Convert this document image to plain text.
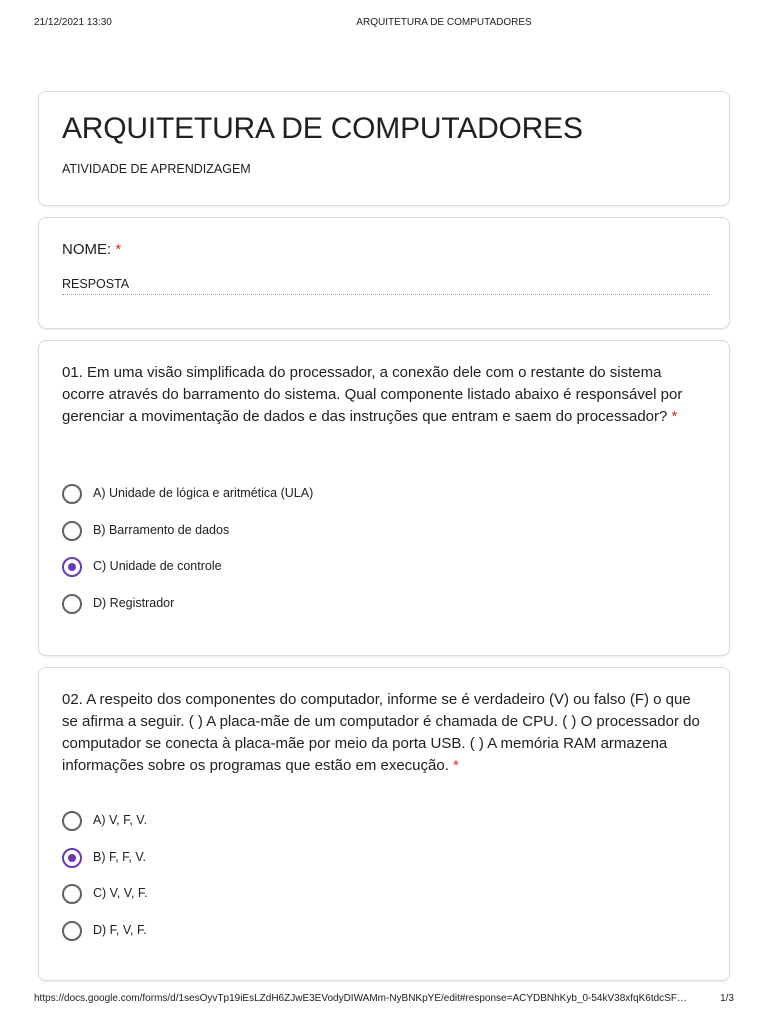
21/12/2021 13:30	ARQUITETURA DE COMPUTADORES
ARQUITETURA DE COMPUTADORES
ATIVIDADE DE APRENDIZAGEM
NOME: *
RESPOSTA
01. Em uma visão simplificada do processador, a conexão dele com o restante do sistema ocorre através do barramento do sistema. Qual componente listado abaixo é responsável por gerenciar a movimentação de dados e das instruções que entram e saem do processador? *
A) Unidade de lógica e aritmética (ULA)
B) Barramento de dados
C) Unidade de controle
D) Registrador
02. A respeito dos componentes do computador, informe se é verdadeiro (V) ou falso (F) o que se afirma a seguir. ( ) A placa-mãe de um computador é chamada de CPU. ( ) O processador do computador se conecta à placa-mãe por meio da porta USB. ( ) A memória RAM armazena informações sobre os programas que estão em execução. *
A) V, F, V.
B) F, F, V.
C) V, V, F.
D) F, V, F.
https://docs.google.com/forms/d/1sesOyvTp19iEsLZdH6ZJwE3EVodyDIWAMm-NyBNKpYE/edit#response=ACYDBNhKyb_0-54kV38xfqK6tdcSF…	1/3
